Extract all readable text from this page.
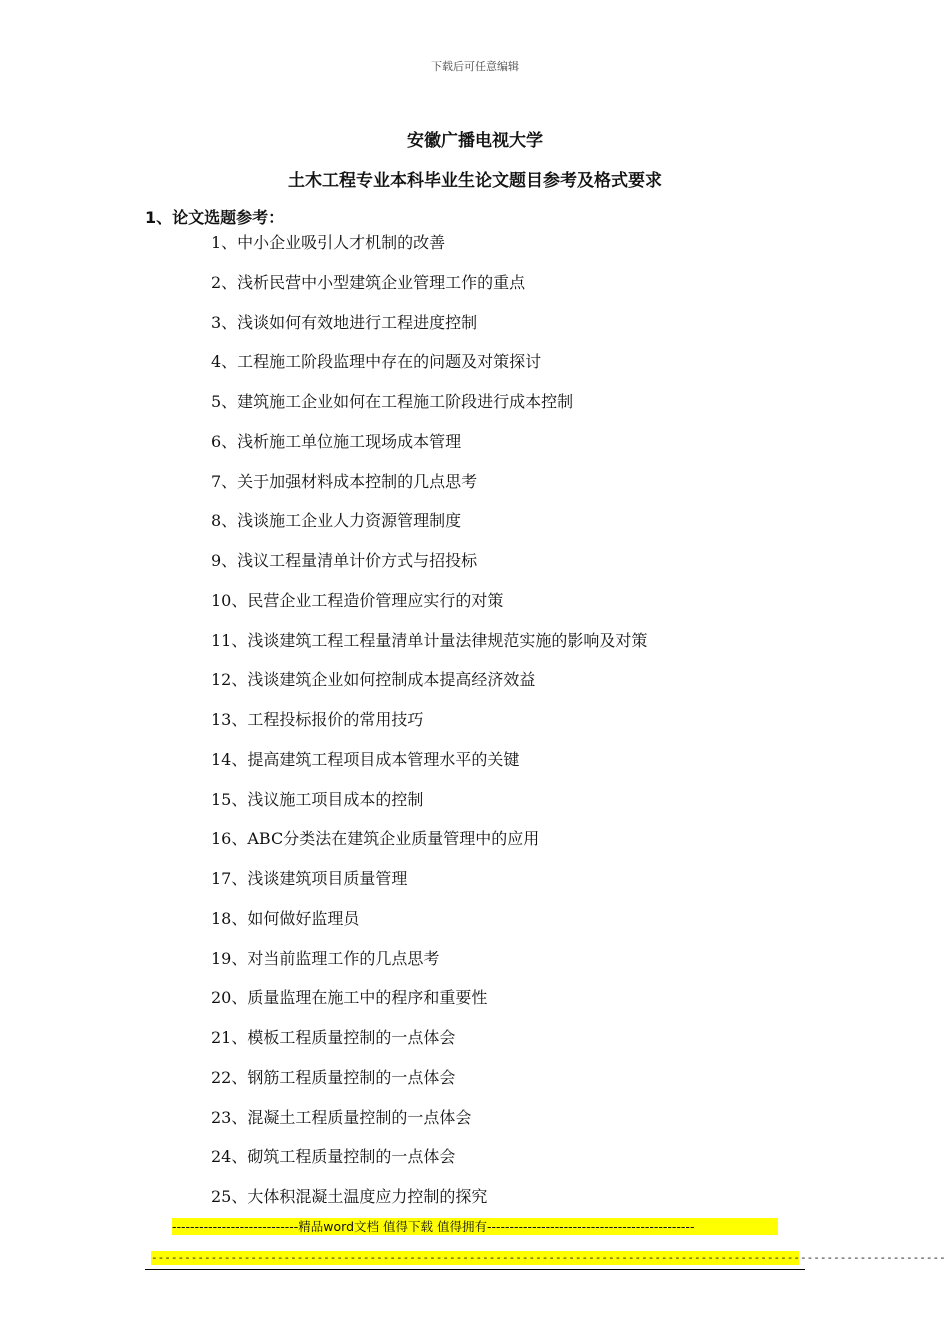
下载后可任意编辑
安徽广播电视大学
土木工程专业本科毕业生论文题目参考及格式要求
1、论文选题参考：
1、中小企业吸引人才机制的改善
2、浅析民营中小型建筑企业管理工作的重点
3、浅谈如何有效地进行工程进度控制
4、工程施工阶段监理中存在的问题及对策探讨
5、建筑施工企业如何在工程施工阶段进行成本控制
6、浅析施工单位施工现场成本管理
7、关于加强材料成本控制的几点思考
8、浅谈施工企业人力资源管理制度
9、浅议工程量清单计价方式与招投标
10、民营企业工程造价管理应实行的对策
11、浅谈建筑工程工程量清单计量法律规范实施的影响及对策
12、浅谈建筑企业如何控制成本提高经济效益
13、工程投标报价的常用技巧
14、提高建筑工程项目成本管理水平的关键
15、浅议施工项目成本的控制
16、ABC分类法在建筑企业质量管理中的应用
17、浅谈建筑项目质量管理
18、如何做好监理员
19、对当前监理工作的几点思考
20、质量监理在施工中的程序和重要性
21、模板工程质量控制的一点体会
22、钢筋工程质量控制的一点体会
23、混凝土工程质量控制的一点体会
24、砌筑工程质量控制的一点体会
25、大体积混凝土温度应力控制的探究
----------------------------精品word文档 值得下载 值得拥有----------------------------------------------
------------------------------------------------------------------------------------------------------------------------
